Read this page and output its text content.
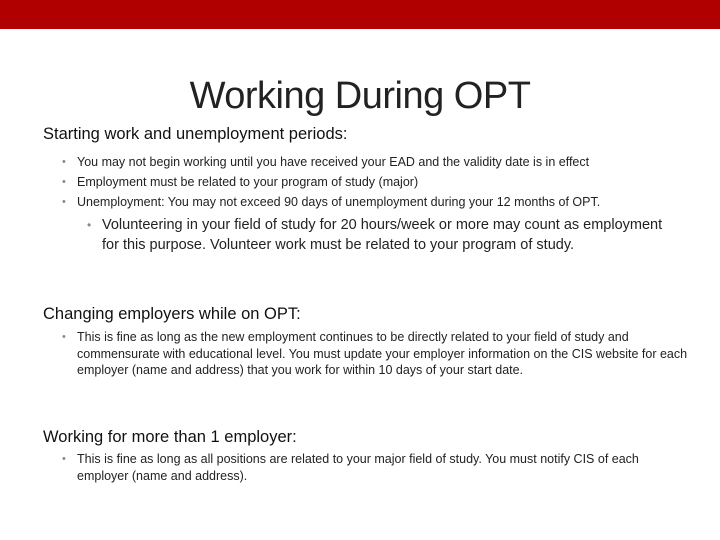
Working During OPT

Starting work and unemployment periods:

• You may not begin working until you have received your EAD and the validity date is in effect
• Employment must be related to your program of study (major)
• Unemployment: You may not exceed 90 days of unemployment during your 12 months of OPT.
• Volunteering in your field of study for 20 hours/week or more may count as employment for this purpose. Volunteer work must be related to your program of study.

Changing employers while on OPT:

• This is fine as long as the new employment continues to be directly related to your field of study and commensurate with educational level. You must update your employer information on the CIS website for each employer (name and address) that you work for within 10 days of your start date.

Working for more than 1 employer:

• This is fine as long as all positions are related to your major field of study. You must notify CIS of each employer (name and address).
